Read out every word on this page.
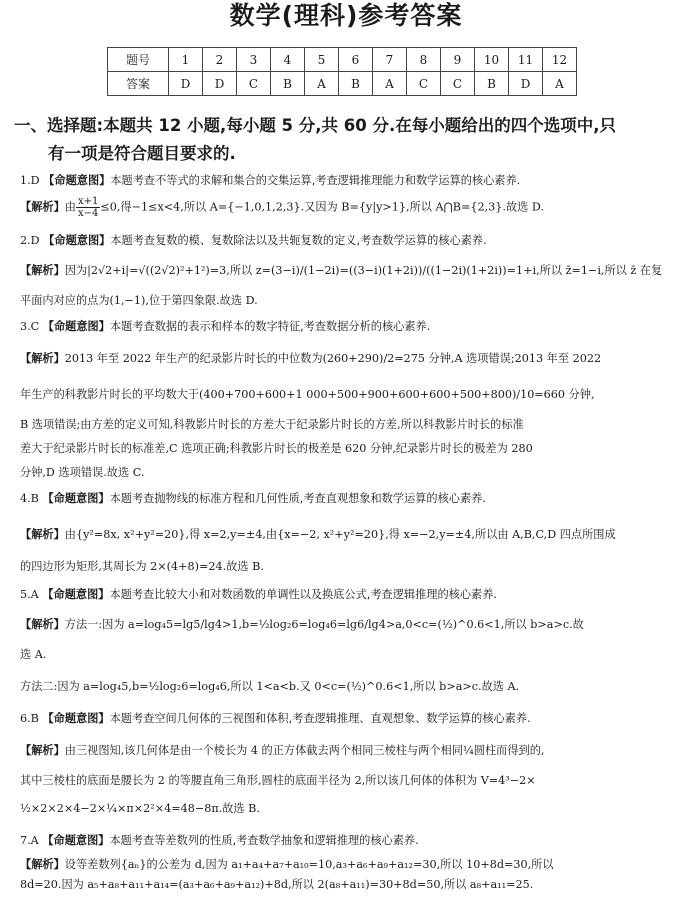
数学(理科)参考答案
题号	1	2	3	4	5	6	7	8	9	10	11	12
答案	D	D	C	B	A	B	A	C	C	B	D	A
一、选择题:本题共 12 小题,每小题 5 分,共 60 分.在每小题给出的四个选项中,只
有一项是符合题目要求的.
1.D 【命题意图】本题考查不等式的求解和集合的交集运算,考查逻辑推理能力和数学运算的核心素养.
【解析】由 $\frac{x+1}{x-4} \le 0$,得−1≤x<4,所以 A={−1,0,1,2,3}.又因为 B={y|y>1},所以 A⋂B={2,3}.故选 D.
2.D 【命题意图】本题考查复数的模、复数除法以及共轭复数的定义,考查数学运算的核心素养.
【解析】因为|2√2+i|=√((2√2)²+1²)=3,所以 z=(3−i)/(1−2i)=((3−i)(1+2i))/((1−2i)(1+2i))=1+i,所以 z̄=1−i,所以 z̄ 在复
平面内对应的点为(1,−1),位于第四象限.故选 D.
3.C 【命题意图】本题考查数据的表示和样本的数字特征,考查数据分析的核心素养.
【解析】2013 年至 2022 年生产的纪录影片时长的中位数为(260+290)/2=275 分钟,A 选项错误;2013 年至 2022
年生产的科教影片时长的平均数大于(400+700+600+1 000+500+900+600+600+500+800)/10=660 分钟,
B 选项错误;由方差的定义可知,科教影片时长的方差大于纪录影片时长的方差,所以科教影片时长的标准
差大于纪录影片时长的标准差,C 选项正确;科教影片时长的极差是 620 分钟,纪录影片时长的极差为 280
分钟,D 选项错误.故选 C.
4.B 【命题意图】本题考查抛物线的标准方程和几何性质,考查直观想象和数学运算的核心素养.
【解析】由{y²=8x, x²+y²=20},得 x=2,y=±4,由{x=−2, x²+y²=20},得 x=−2,y=±4,所以由 A,B,C,D 四点所围成
的四边形为矩形,其周长为 2×(4+8)=24.故选 B.
5.A 【命题意图】本题考查比较大小和对数函数的单调性以及换底公式,考查逻辑推理的核心素养.
【解析】方法一:因为 a=log₄5=lg5/lg4>1,b=½log₂6=log₄6=lg6/lg4>a,0<c=(½)^0.6<1,所以 b>a>c.故
选 A.
方法二:因为 a=log₄5,b=½log₂6=log₄6,所以 1<a<b.又 0<c=(½)^0.6<1,所以 b>a>c.故选 A.
6.B 【命题意图】本题考查空间几何体的三视图和体积,考查逻辑推理、直观想象、数学运算的核心素养.
【解析】由三视图知,该几何体是由一个棱长为 4 的正方体截去两个相同三棱柱与两个相同¼圆柱而得到的,
其中三棱柱的底面是腰长为 2 的等腰直角三角形,圆柱的底面半径为 2,所以该几何体的体积为 V=4³−2×
½×2×2×4−2×¼×π×2²×4=48−8π.故选 B.
7.A 【命题意图】本题考查等差数列的性质,考查数学抽象和逻辑推理的核心素养.
【解析】设等差数列{aₙ}的公差为 d,因为 a₁+a₄+a₇+a₁₀=10,a₃+a₆+a₉+a₁₂=30,所以 10+8d=30,所以
8d=20.因为 a₅+a₈+a₁₁+a₁₄=(a₃+a₆+a₉+a₁₂)+8d,所以 2(a₈+a₁₁)=30+8d=50,所以 a₈+a₁₁=25.
